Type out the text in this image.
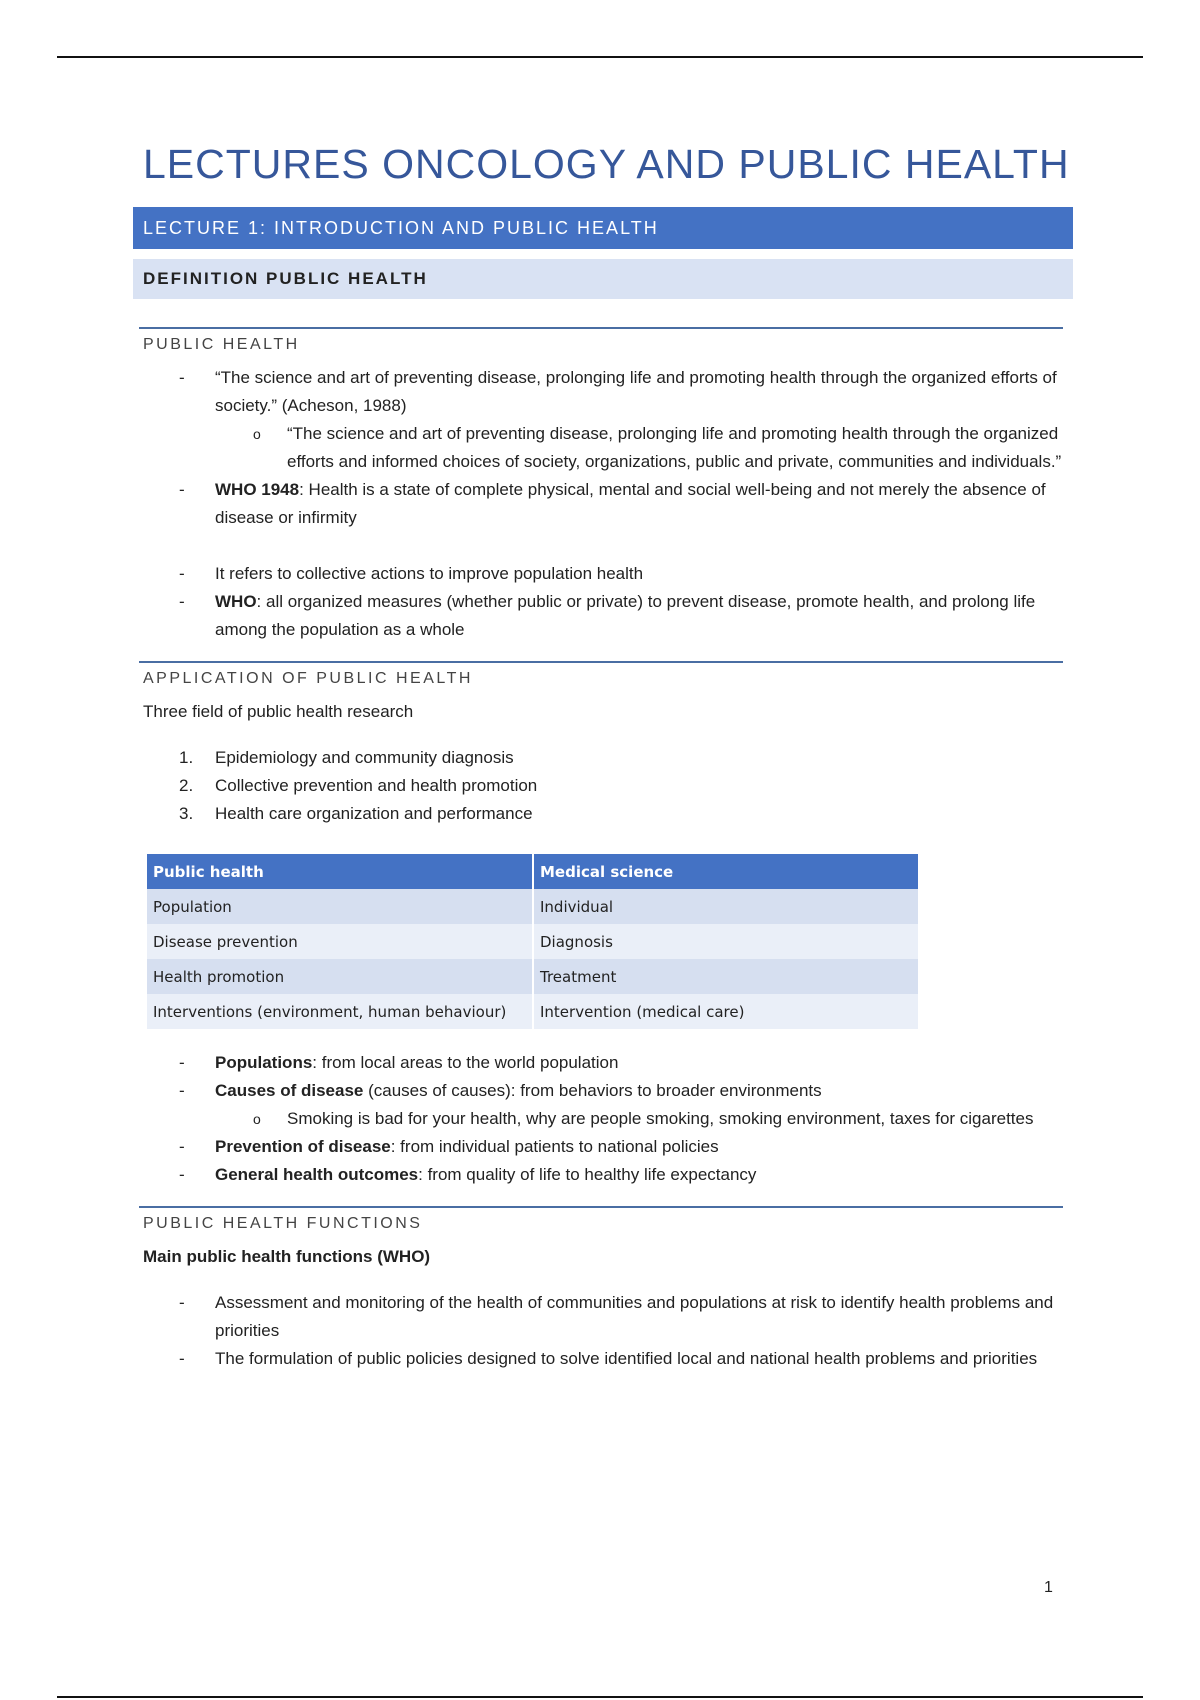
LECTURES ONCOLOGY AND PUBLIC HEALTH
LECTURE 1: INTRODUCTION AND PUBLIC HEALTH
DEFINITION PUBLIC HEALTH
PUBLIC HEALTH
- “The science and art of preventing disease, prolonging life and promoting health through the organized efforts of society.” (Acheson, 1988)
o “The science and art of preventing disease, prolonging life and promoting health through the organized efforts and informed choices of society, organizations, public and private, communities and individuals.”
- WHO 1948: Health is a state of complete physical, mental and social well-being and not merely the absence of disease or infirmity
- It refers to collective actions to improve population health
- WHO: all organized measures (whether public or private) to prevent disease, promote health, and prolong life among the population as a whole
APPLICATION OF PUBLIC HEALTH
Three field of public health research
1. Epidemiology and community diagnosis
2. Collective prevention and health promotion
3. Health care organization and performance
Public health	Medical science
Population	Individual
Disease prevention	Diagnosis
Health promotion	Treatment
Interventions (environment, human behaviour)	Intervention (medical care)
- Populations: from local areas to the world population
- Causes of disease (causes of causes): from behaviors to broader environments
o Smoking is bad for your health, why are people smoking, smoking environment, taxes for cigarettes
- Prevention of disease: from individual patients to national policies
- General health outcomes: from quality of life to healthy life expectancy
PUBLIC HEALTH FUNCTIONS
Main public health functions (WHO)
- Assessment and monitoring of the health of communities and populations at risk to identify health problems and priorities
- The formulation of public policies designed to solve identified local and national health problems and priorities
1
